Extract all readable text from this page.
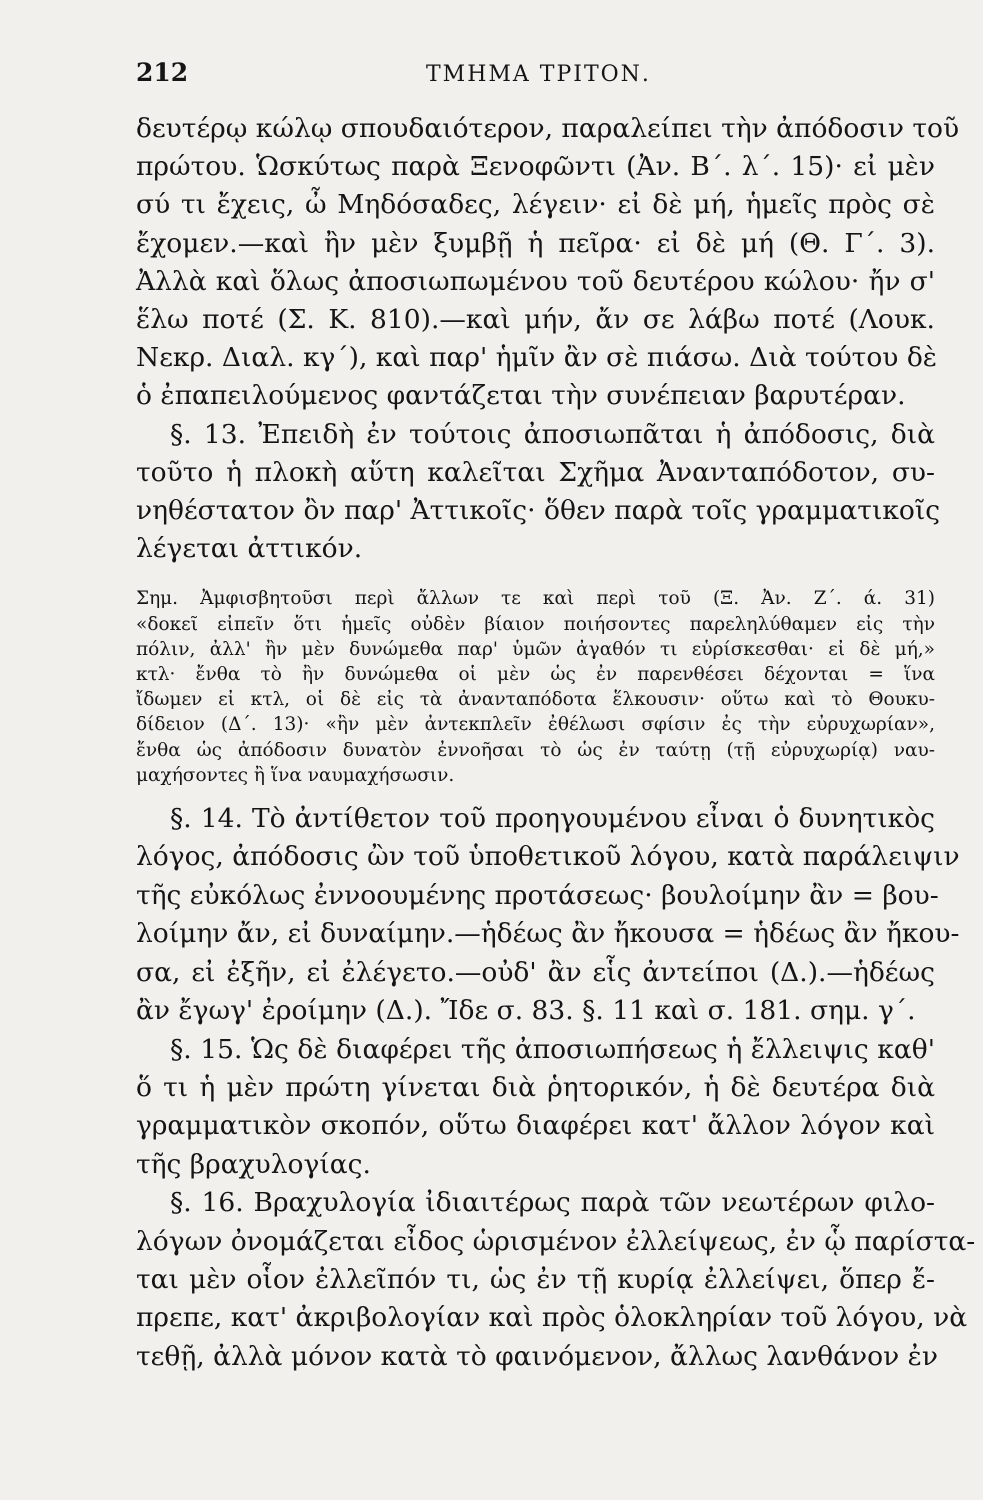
212	ΤΜΗΜΑ ΤΡΙΤΟΝ.
δευτέρῳ κώλῳ σπουδαιότερον, παραλείπει τὴν ἀπόδοσιν τοῦ
πρώτου. Ὡσκύτως παρὰ Ξενοφῶντι (Ἀν. Β΄. λ΄. 15)· εἰ μὲν
σύ τι ἔχεις, ὦ Μηδόσαδες, λέγειν· εἰ δὲ μή, ἡμεῖς πρὸς σὲ
ἔχομεν.—καὶ ἢν μὲν ξυμβῇ ἡ πεῖρα· εἰ δὲ μή (Θ. Γ΄. 3).
Ἀλλὰ καὶ ὅλως ἀποσιωπωμένου τοῦ δευτέρου κώλου· ἤν σ'
ἕλω ποτέ (Σ. Κ. 810).—καὶ μήν, ἄν σε λάβω ποτέ (Λουκ.
Νεκρ. Διαλ. κγ΄), καὶ παρ' ἡμῖν ἂν σὲ πιάσω. Διὰ τούτου δὲ
ὁ ἐπαπειλούμενος φαντάζεται τὴν συνέπειαν βαρυτέραν.
§. 13. Ἐπειδὴ ἐν τούτοις ἀποσιωπᾶται ἡ ἀπόδοσις, διὰ
τοῦτο ἡ πλοκὴ αὕτη καλεῖται Σχῆμα Ἀνανταπόδοτον, συ-
νηθέστατον ὂν παρ' Ἀττικοῖς· ὅθεν παρὰ τοῖς γραμματικοῖς
λέγεται ἀττικόν.
Σημ. Ἀμφισβητοῦσι περὶ ἄλλων τε καὶ περὶ τοῦ (Ξ. Ἀν. Ζ΄. ά. 31)
«δοκεῖ εἰπεῖν ὅτι ἡμεῖς οὐδὲν βίαιον ποιήσοντες παρεληλύθαμεν εἰς τὴν
πόλιν, ἀλλ' ἢν μὲν δυνώμεθα παρ' ὑμῶν ἀγαθόν τι εὑρίσκεσθαι· εἰ δὲ μή,»
κτλ· ἔνθα τὸ ἢν δυνώμεθα οἱ μὲν ὡς ἐν παρενθέσει δέχονται = ἵνα
ἴδωμεν εἰ κτλ, οἱ δὲ εἰς τὰ ἀνανταπόδοτα ἕλκουσιν· οὕτω καὶ τὸ Θουκυ-
δίδειον (Δ΄. 13)· «ἢν μὲν ἀντεκπλεῖν ἐθέλωσι σφίσιν ἐς τὴν εὐρυχωρίαν»,
ἔνθα ὡς ἀπόδοσιν δυνατὸν ἐννοῆσαι τὸ ὡς ἐν ταύτῃ (τῇ εὐρυχωρίᾳ) ναυ-
μαχήσοντες ἢ ἵνα ναυμαχήσωσιν.
§. 14. Τὸ ἀντίθετον τοῦ προηγουμένου εἶναι ὁ δυνητικὸς
λόγος, ἀπόδοσις ὢν τοῦ ὑποθετικοῦ λόγου, κατὰ παράλειψιν
τῆς εὐκόλως ἐννοουμένης προτάσεως· βουλοίμην ἂν = βου-
λοίμην ἄν, εἰ δυναίμην.—ἡδέως ἂν ἤκουσα = ἡδέως ἂν ἤκου-
σα, εἰ ἐξῆν, εἰ ἐλέγετο.—οὐδ' ἂν εἷς ἀντείποι (Δ.).—ἡδέως
ἂν ἔγωγ' ἐροίμην (Δ.). Ἴδε σ. 83. §. 11 καὶ σ. 181. σημ. γ΄.
§. 15. Ὡς δὲ διαφέρει τῆς ἀποσιωπήσεως ἡ ἔλλειψις καθ'
ὅ τι ἡ μὲν πρώτη γίνεται διὰ ῥητορικόν, ἡ δὲ δευτέρα διὰ
γραμματικὸν σκοπόν, οὕτω διαφέρει κατ' ἄλλον λόγον καὶ
τῆς βραχυλογίας.
§. 16. Βραχυλογία ἰδιαιτέρως παρὰ τῶν νεωτέρων φιλο-
λόγων ὀνομάζεται εἶδος ὡρισμένον ἐλλείψεως, ἐν ᾧ παρίστα-
ται μὲν οἷον ἐλλεῖπόν τι, ὡς ἐν τῇ κυρίᾳ ἐλλείψει, ὅπερ ἔ-
πρεπε, κατ' ἀκριβολογίαν καὶ πρὸς ὁλοκληρίαν τοῦ λόγου, νὰ
τεθῇ, ἀλλὰ μόνον κατὰ τὸ φαινόμενον, ἄλλως λανθάνον ἐν
